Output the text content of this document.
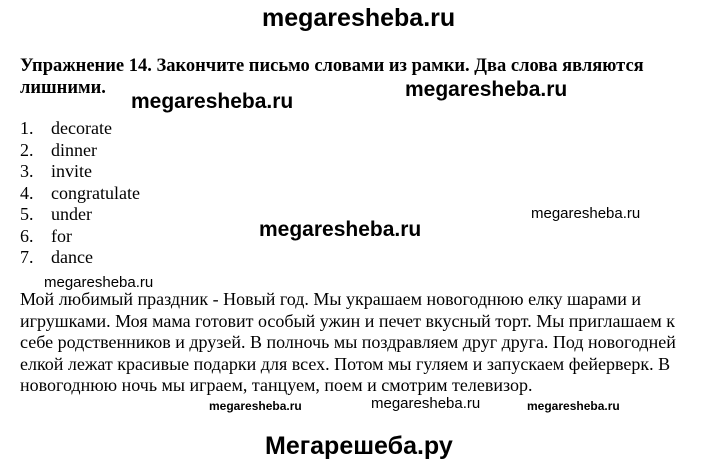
megaresheba.ru
Упражнение 14. Закончите письмо словами из рамки. Два слова являются лишними.
megaresheba.ru
megaresheba.ru
1. decorate
2. dinner
3. invite
4. congratulate
5. under
6. for
7. dance
megaresheba.ru
megaresheba.ru
megaresheba.ru

Мой любимый праздник - Новый год. Мы украшаем новогоднюю елку шарами и игрушками. Моя мама готовит особый ужин и печет вкусный торт. Мы приглашаем к себе родственников и друзей. В полночь мы поздравляем друг друга. Под новогодней елкой лежат красивые подарки для всех. Потом мы гуляем и запускаем фейерверк. В новогоднюю ночь мы играем, танцуем, поем и смотрим телевизор.

megaresheba.ru	megaresheba.ru	megaresheba.ru
Мегарешеба.ру
